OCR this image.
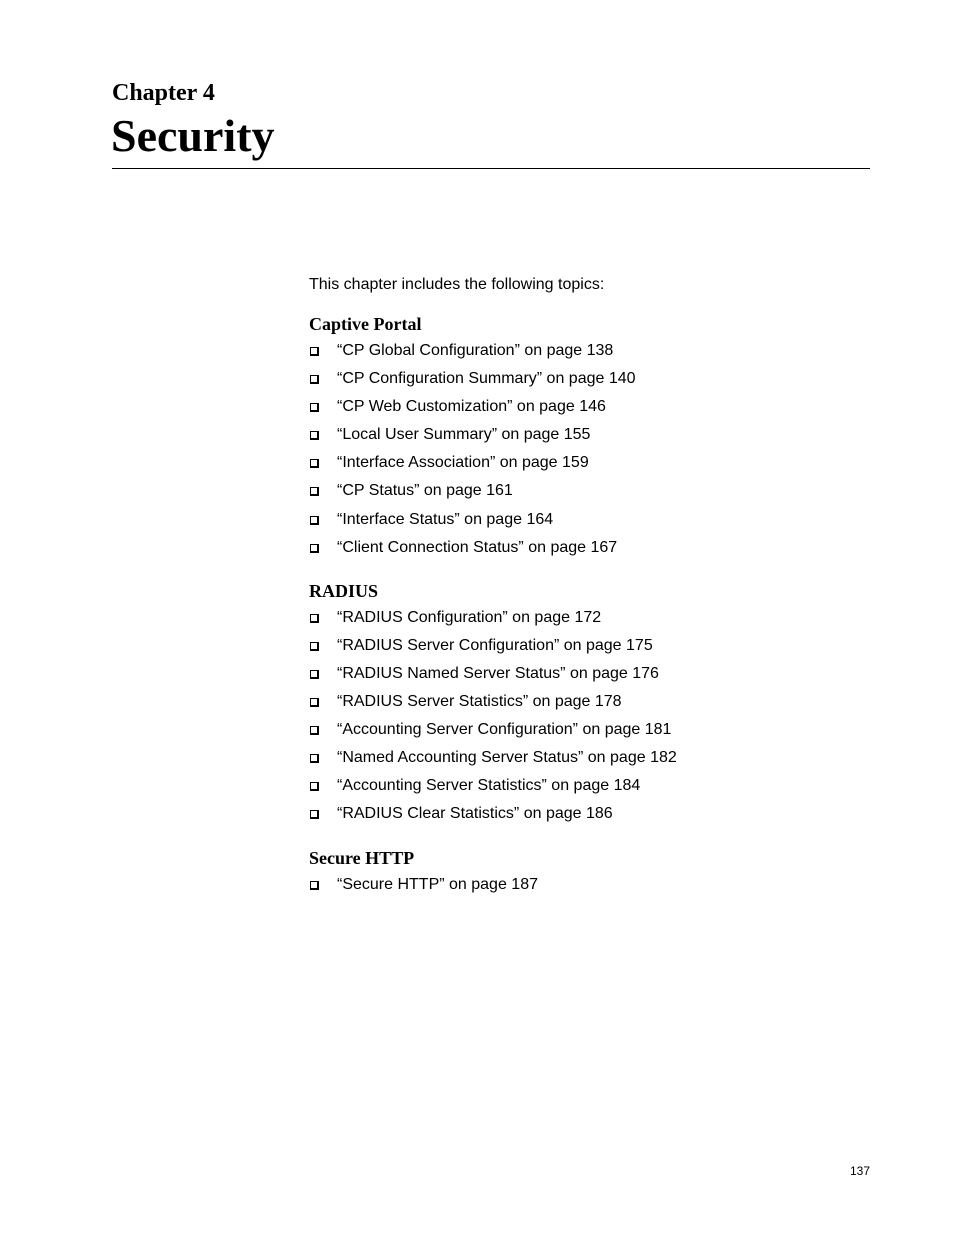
Chapter 4
Security

This chapter includes the following topics:

Captive Portal
“CP Global Configuration” on page 138
“CP Configuration Summary” on page 140
“CP Web Customization” on page 146
“Local User Summary” on page 155
“Interface Association” on page 159
“CP Status” on page 161
“Interface Status” on page 164
“Client Connection Status” on page 167
RADIUS
“RADIUS Configuration” on page 172
“RADIUS Server Configuration” on page 175
“RADIUS Named Server Status” on page 176
“RADIUS Server Statistics” on page 178
“Accounting Server Configuration” on page 181
“Named Accounting Server Status” on page 182
“Accounting Server Statistics” on page 184
“RADIUS Clear Statistics” on page 186
Secure HTTP
“Secure HTTP” on page 187
137
